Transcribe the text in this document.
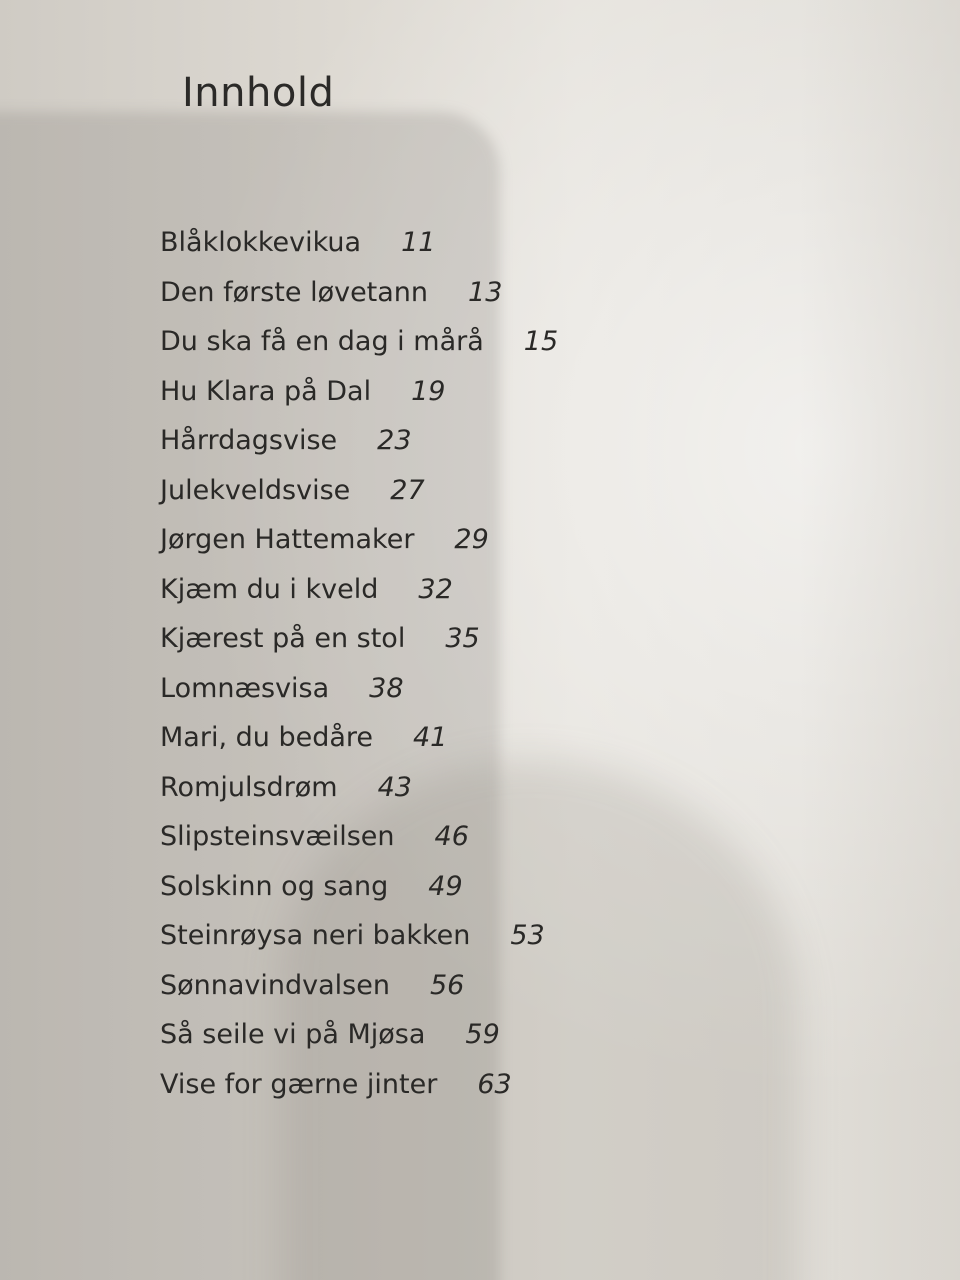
Innhold
Blåklokkevikua 11
Den første løvetann 13
Du ska få en dag i mårå 15
Hu Klara på Dal 19
Hårrdagsvise 23
Julekveldsvise 27
Jørgen Hattemaker 29
Kjæm du i kveld 32
Kjærest på en stol 35
Lomnæsvisa 38
Mari, du bedåre 41
Romjulsdrøm 43
Slipsteinsvæilsen 46
Solskinn og sang 49
Steinrøysa neri bakken 53
Sønnavindvalsen 56
Så seile vi på Mjøsa 59
Vise for gærne jinter 63
